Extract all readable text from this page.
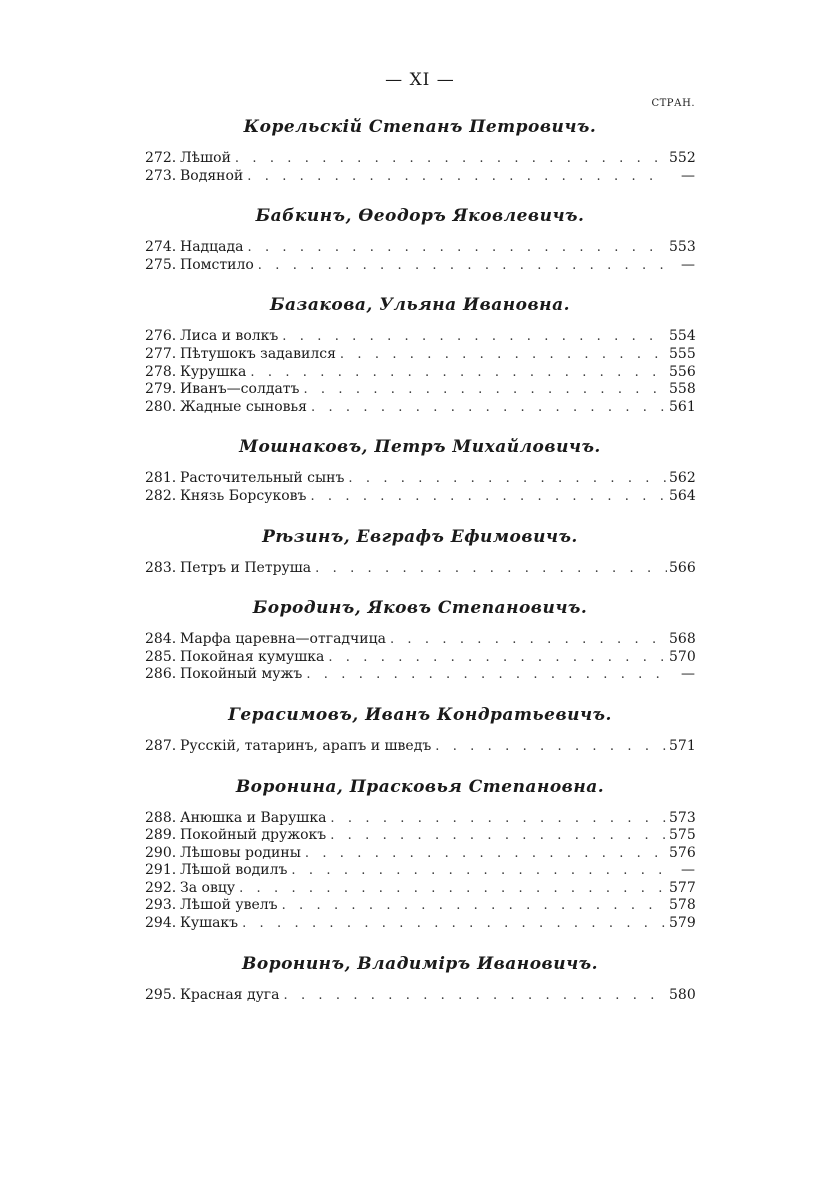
— XI —
СТРАН.
Корельскій Степанъ Петровичъ.
272. Лѣшой . . .	552
273. Водяной . . .	—
Бабкинъ, Ѳеодоръ Яковлевичъ.
274. Надцада . . .	553
275. Помстило . . .	—
Базакова, Ульяна Ивановна.
276. Лиса и волкъ . . .	554
277. Пѣтушокъ задавился . . .	555
278. Курушка . . .	556
279. Иванъ—солдатъ . . .	558
280. Жадные сыновья . . .	561
Мошнаковъ, Петръ Михайловичъ.
281. Расточительный сынъ . . .	562
282. Князь Борсуковъ . . .	564
Рѣзинъ, Евграфъ Ефимовичъ.
283. Петръ и Петруша . . .	566
Бородинъ, Яковъ Степановичъ.
284. Марфа царевна—отгадчица . . .	568
285. Покойная кумушка . . .	570
286. Покойный мужъ . . .	—
Герасимовъ, Иванъ Кондратьевичъ.
287. Русскій, татаринъ, арапъ и шведъ . . .	571
Воронина, Прасковья Степановна.
288. Анюшка и Варушка . . .	573
289. Покойный дружокъ . . .	575
290. Лѣшовы родины . . .	576
291. Лѣшой водилъ . . .	—
292. За овцу . . .	577
293. Лѣшой увелъ . . .	578
294. Кушакъ . . .	579
Воронинъ, Владиміръ Ивановичъ.
295. Красная дуга . . .	580
